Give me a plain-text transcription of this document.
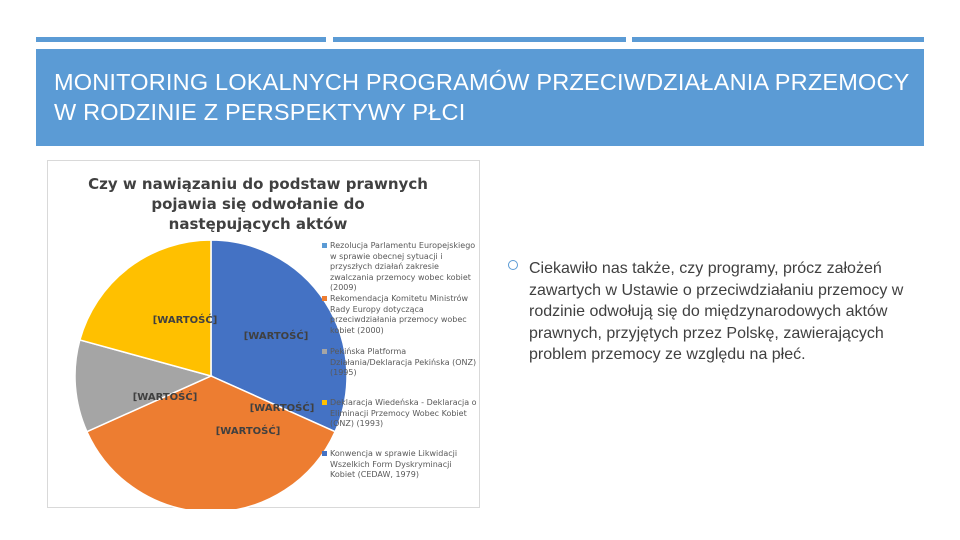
MONITORING LOKALNYCH PROGRAMÓW PRZECIWDZIAŁANIA PRZEMOCY W RODZINIE Z PERSPEKTYWY PŁCI
[WARTOŚĆ]
[WARTOŚĆ]
[WARTOŚĆ]
[WARTOŚĆ]
[WARTOŚĆ]
Czy w nawiązaniu do podstaw prawnych pojawia się odwołanie do następujących aktów
Rezolucja Parlamentu Europejskiego w sprawie obecnej sytuacji i przyszłych działań zakresie zwalczania przemocy wobec kobiet (2009)
Rekomendacja Komitetu Ministrów Rady Europy dotycząca przeciwdziałania przemocy wobec kobiet (2000)
Pekińska Platforma Działania/Deklaracja Pekińska (ONZ) (1995)
Deklaracja Wiedeńska - Deklaracja o Eliminacji Przemocy Wobec Kobiet (ONZ) (1993)
Konwencja w sprawie Likwidacji Wszelkich Form Dyskryminacji Kobiet (CEDAW, 1979)
Ciekawiło nas także, czy programy, prócz założeń zawartych w Ustawie o przeciwdziałaniu przemocy w rodzinie odwołują się do międzynarodowych aktów prawnych, przyjętych przez Polskę, zawierających problem przemocy ze względu na płeć.
